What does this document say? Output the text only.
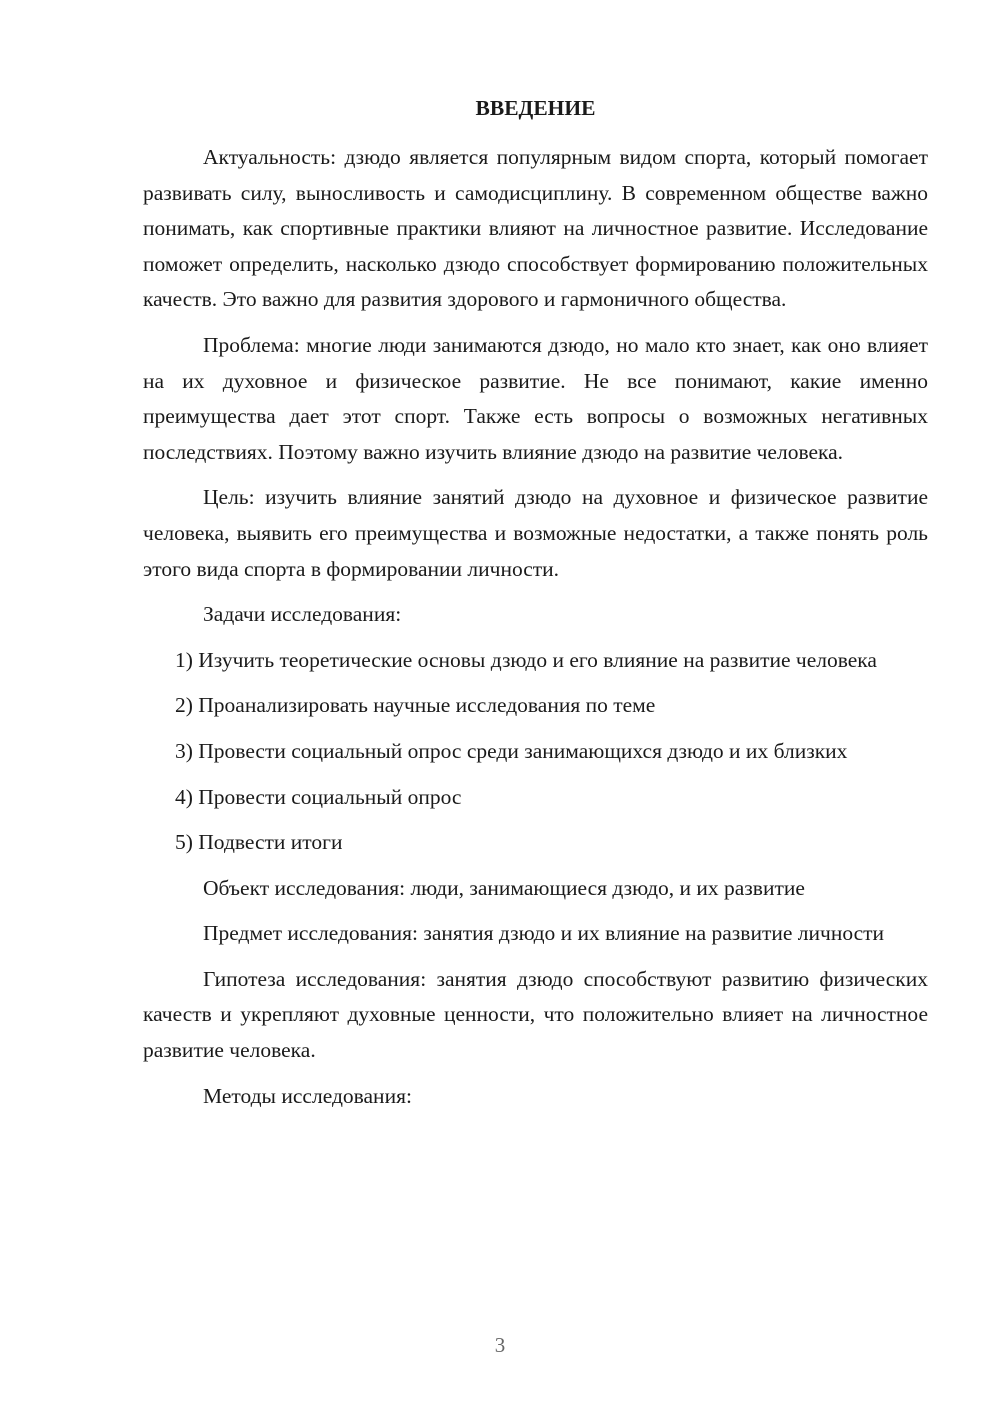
ВВЕДЕНИЕ

Актуальность: дзюдо является популярным видом спорта, который помогает развивать силу, выносливость и самодисциплину. В современном обществе важно понимать, как спортивные практики влияют на личностное развитие. Исследование поможет определить, насколько дзюдо способствует формированию положительных качеств. Это важно для развития здорового и гармоничного общества.

Проблема: многие люди занимаются дзюдо, но мало кто знает, как оно влияет на их духовное и физическое развитие. Не все понимают, какие именно преимущества дает этот спорт. Также есть вопросы о возможных негативных последствиях. Поэтому важно изучить влияние дзюдо на развитие человека.

Цель: изучить влияние занятий дзюдо на духовное и физическое развитие человека, выявить его преимущества и возможные недостатки, а также понять роль этого вида спорта в формировании личности.

Задачи исследования:

1) Изучить теоретические основы дзюдо и его влияние на развитие человека

2) Проанализировать научные исследования по теме

3) Провести социальный опрос среди занимающихся дзюдо и их близких

4) Провести социальный опрос

5) Подвести итоги

Объект исследования: люди, занимающиеся дзюдо, и их развитие

Предмет исследования: занятия дзюдо и их влияние на развитие личности

Гипотеза исследования: занятия дзюдо способствуют развитию физических качеств и укрепляют духовные ценности, что положительно влияет на личностное развитие человека.

Методы исследования:

3
